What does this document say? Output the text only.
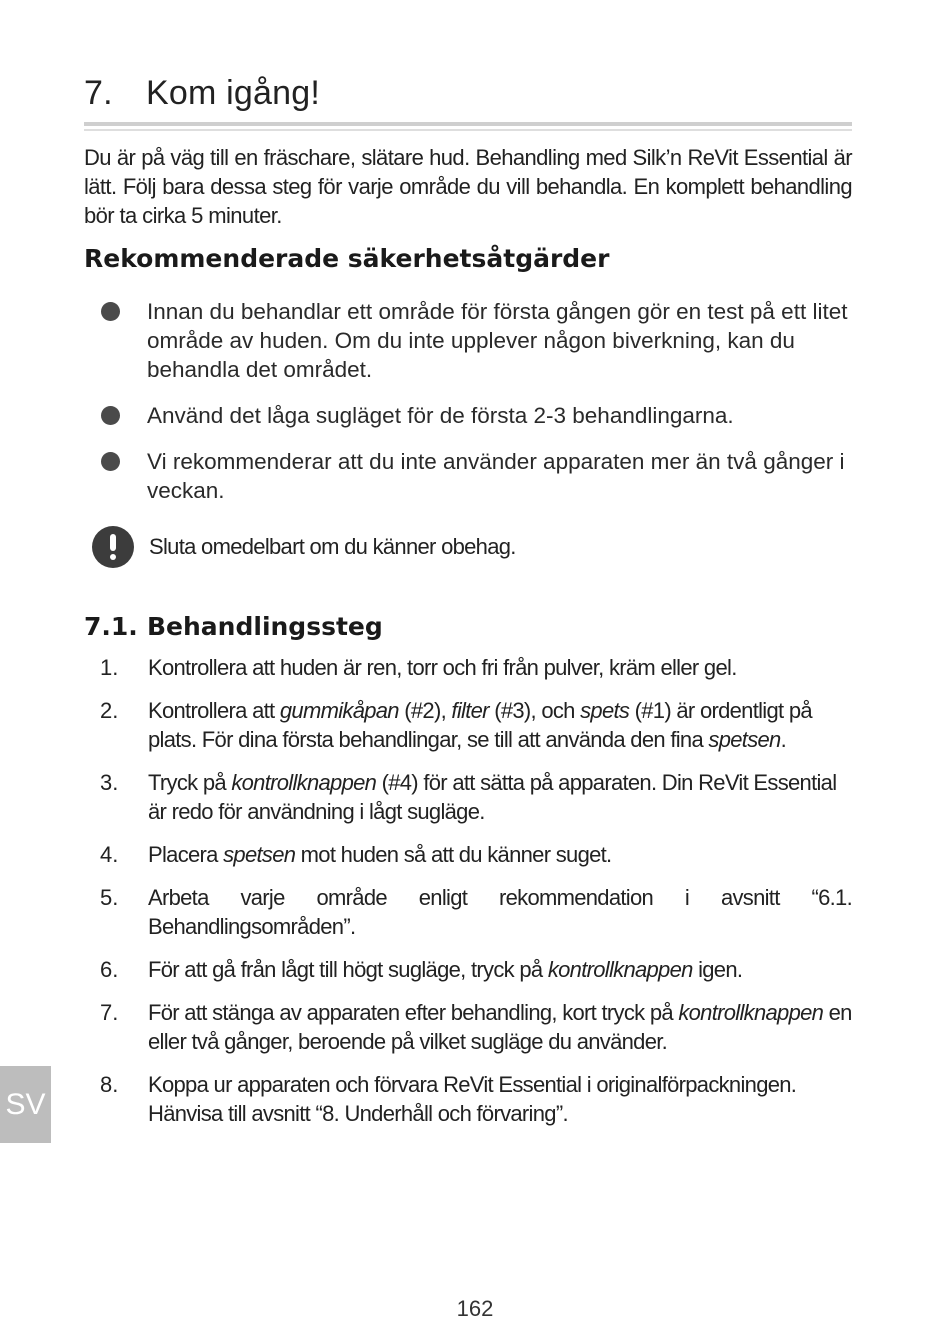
7. Kom igång!

Du är på väg till en fräschare, slätare hud. Behandling med Silk’n ReVit Essential är lätt. Följ bara dessa steg för varje område du vill behandla. En komplett behandling bör ta cirka 5 minuter.

Rekommenderade säkerhetsåtgärder
Innan du behandlar ett område för första gången gör en test på ett litet område av huden. Om du inte upplever någon biverkning, kan du behandla det området.
Använd det låga sugläget för de första 2-3 behandlingarna.
Vi rekommenderar att du inte använder apparaten mer än två gånger i veckan.
Sluta omedelbart om du känner obehag.
7.1. Behandlingssteg
1.	Kontrollera att huden är ren, torr och fri från pulver, kräm eller gel.
2.	Kontrollera att gummikåpan (#2), filter (#3), och spets (#1) är ordentligt på plats. För dina första behandlingar, se till att använda den fina spetsen.
3.	Tryck på kontrollknappen (#4) för att sätta på apparaten. Din ReVit Essential är redo för användning i lågt sugläge.
4.	Placera spetsen mot huden så att du känner suget.
5.	Arbeta varje område enligt rekommendation i avsnitt “6.1. Behandlingsområden”.
6.	För att gå från lågt till högt sugläge, tryck på kontrollknappen igen.
7.	För att stänga av apparaten efter behandling, kort tryck på kontrollknappen en eller två gånger, beroende på vilket sugläge du använder.
8.	Koppa ur apparaten och förvara ReVit Essential i originalförpackningen. Hänvisa till avsnitt “8. Underhåll och förvaring”.
SV
162
